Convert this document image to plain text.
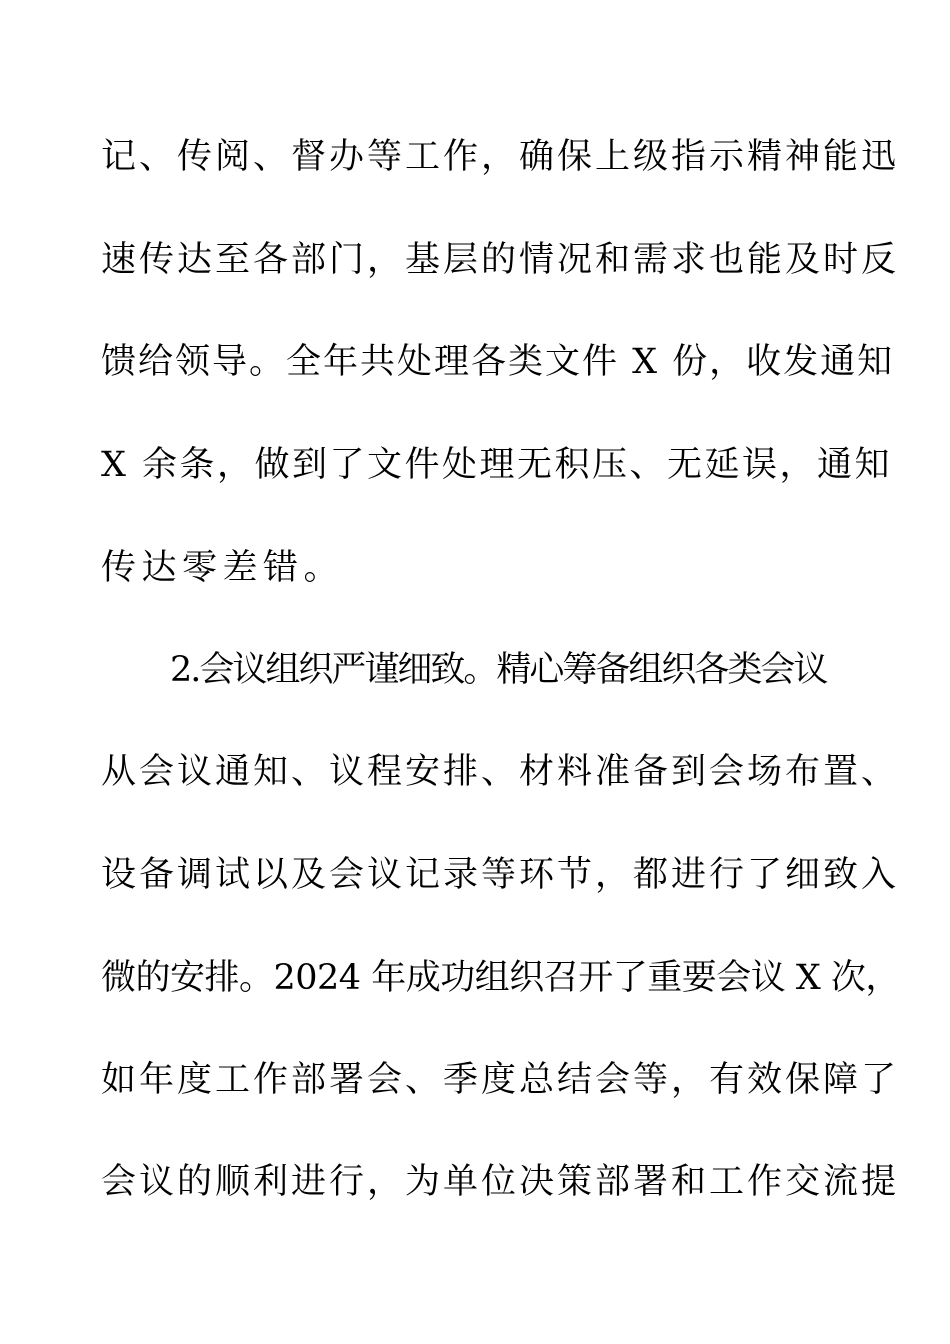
记、传阅、督办等工作，确保上级指示精神能迅
速传达至各部门，基层的情况和需求也能及时反
馈给领导。全年共处理各类文件 X 份，收发通知
X 余条，做到了文件处理无积压、无延误，通知
传达零差错。
2.会议组织严谨细致。精心筹备组织各类会议
从会议通知、议程安排、材料准备到会场布置、
设备调试以及会议记录等环节，都进行了细致入
微的安排。2024 年成功组织召开了重要会议 X 次，
如年度工作部署会、季度总结会等，有效保障了
会议的顺利进行，为单位决策部署和工作交流提
